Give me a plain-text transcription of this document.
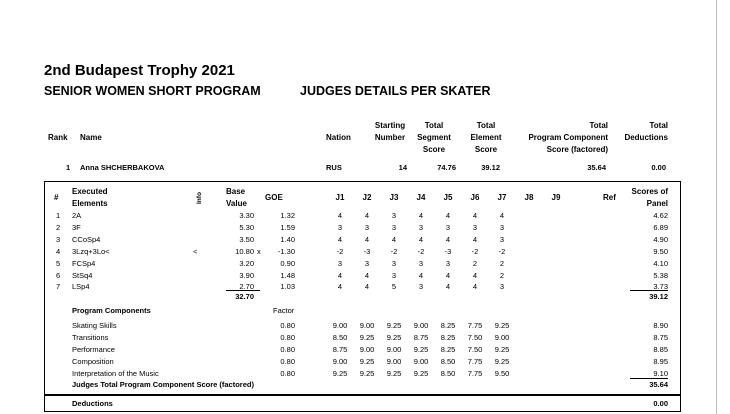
2nd Budapest Trophy 2021
SENIOR WOMEN SHORT PROGRAM	JUDGES DETAILS PER SKATER
Rank Name	Nation
Starting
Number
Total
Segment
Score
Total
Element
Score
Total
Program Component
Score (factored)
Total
Deductions
1 Anna SHCHERBAKOVA	RUS	14	74.76	39.12	35.64	0.00
#
Executed
Elements	Info
Base
Value
GOE	J1	J2	J3	J4	J5	J6	J7	J8	J9	Ref
Scores of
Panel
1 2A	3.30	1.32	4	4	3	4	4	4	4	4.62
2 3F	5.30	1.59	3	3	3	3	3	3	3	6.89
3 CCoSp4	3.50	1.40	4	4	4	4	4	4	3	4.90
4 3Lzq+3Lo<	<	10.80 x	-1.30	-2	-3	-2	-2	-3	-2	-2	9.50
5 FCSp4	3.20	0.90	3	3	3	3	3	2	2	4.10
6 StSq4	3.90	1.48	4	4	3	4	4	4	2	5.38
7 LSp4	2.70	1.03	4	4	5	3	4	4	3	3.73
32.70	39.12
Program Components	Factor
Skating Skills	0.80	9.00	9.00	9.25	9.00	8.25	7.75	9.25	8.90
Transitions	0.80	8.50	9.25	9.25	8.75	8.25	7.50	9.00	8.75
Performance	0.80	8.75	9.00	9.00	9.25	8.25	7.50	9.25	8.85
Composition	0.80	9.00	9.25	9.00	9.00	8.50	7.75	9.25	8.95
Interpretation of the Music	0.80	9.25	9.25	9.25	9.25	8.50	7.75	9.50	9.10
Judges Total Program Component Score (factored)	35.64
Deductions	0.00
